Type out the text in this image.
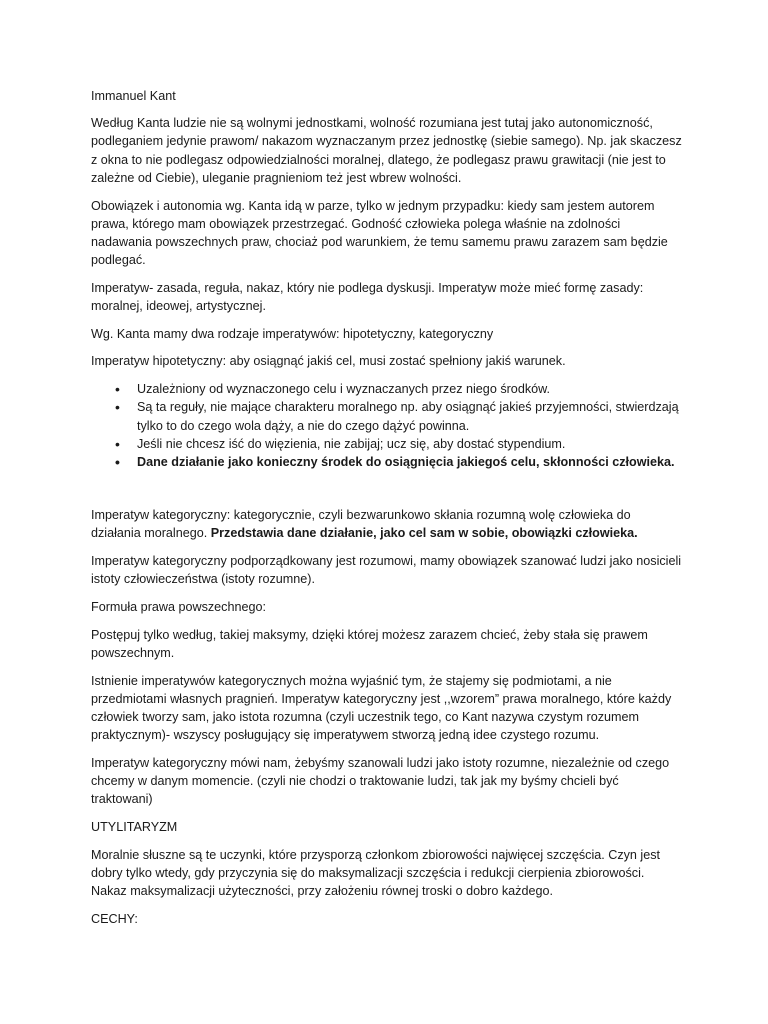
Immanuel Kant

Według Kanta ludzie nie są wolnymi jednostkami, wolność rozumiana jest tutaj jako autonomiczność, podleganiem jedynie prawom/ nakazom wyznaczanym przez jednostkę (siebie samego). Np. jak skaczesz z okna to nie podlegasz odpowiedzialności moralnej, dlatego, że podlegasz prawu grawitacji (nie jest to zależne od Ciebie), uleganie pragnieniom też jest wbrew wolności.

Obowiązek i autonomia wg. Kanta idą w parze, tylko w jednym przypadku: kiedy sam jestem autorem prawa, którego mam obowiązek przestrzegać. Godność człowieka polega właśnie na zdolności nadawania powszechnych praw, chociaż pod warunkiem, że temu samemu prawu zarazem sam będzie podlegać.

Imperatyw- zasada, reguła, nakaz, który nie podlega dyskusji. Imperatyw może mieć formę zasady: moralnej, ideowej, artystycznej.

Wg. Kanta mamy dwa rodzaje imperatywów: hipotetyczny, kategoryczny

Imperatyw hipotetyczny: aby osiągnąć jakiś cel, musi zostać spełniony jakiś warunek.

• Uzależniony od wyznaczonego celu i wyznaczanych przez niego środków.
• Są ta reguły, nie mające charakteru moralnego np. aby osiągnąć jakieś przyjemności, stwierdzają tylko to do czego wola dąży, a nie do czego dążyć powinna.
• Jeśli nie chcesz iść do więzienia, nie zabijaj; ucz się, aby dostać stypendium.
• Dane działanie jako konieczny środek do osiągnięcia jakiegoś celu, skłonności człowieka.

Imperatyw kategoryczny: kategorycznie, czyli bezwarunkowo skłania rozumną wolę człowieka do działania moralnego. Przedstawia dane działanie, jako cel sam w sobie, obowiązki człowieka.

Imperatyw kategoryczny podporządkowany jest rozumowi, mamy obowiązek szanować ludzi jako nosicieli istoty człowieczeństwa (istoty rozumne).

Formuła prawa powszechnego:

Postępuj tylko według, takiej maksymy, dzięki której możesz zarazem chcieć, żeby stała się prawem powszechnym.

Istnienie imperatywów kategorycznych można wyjaśnić tym, że stajemy się podmiotami, a nie przedmiotami własnych pragnień. Imperatyw kategoryczny jest ,,wzorem” prawa moralnego, które każdy człowiek tworzy sam, jako istota rozumna (czyli uczestnik tego, co Kant nazywa czystym rozumem praktycznym)- wszyscy posługujący się imperatywem stworzą jedną idee czystego rozumu.

Imperatyw kategoryczny mówi nam, żebyśmy szanowali ludzi jako istoty rozumne, niezależnie od czego chcemy w danym momencie. (czyli nie chodzi o traktowanie ludzi, tak jak my byśmy chcieli być traktowani)

UTYLITARYZM

Moralnie słuszne są te uczynki, które przysporzą członkom zbiorowości najwięcej szczęścia. Czyn jest dobry tylko wtedy, gdy przyczynia się do maksymalizacji szczęścia i redukcji cierpienia zbiorowości. Nakaz maksymalizacji użyteczności, przy założeniu równej troski o dobro każdego.

CECHY:
